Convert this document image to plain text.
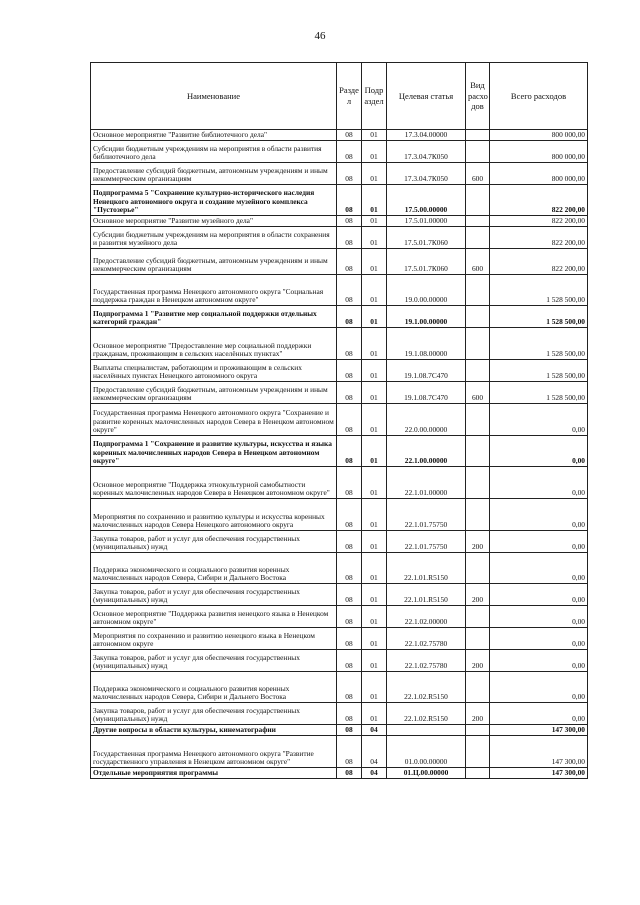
46
Наименование	Разде л	Подр аздел	Целевая статья	Вид расхо дов	Всего расходов
Основное мероприятие "Развитие библиотечного дела"	08	01	17.3.04.00000		800 000,00
Субсидии бюджетным учреждениям на мероприятия в области развития библиотечного дела	08	01	17.3.04.7К050		800 000,00
Предоставление субсидий бюджетным, автономным учреждениям и иным некоммерческим организациям	08	01	17.3.04.7К050	600	800 000,00
Подпрограмма 5 "Сохранение культурно-исторического наследия Ненецкого автономного округа и создание музейного комплекса "Пустозерье"	08	01	17.5.00.00000		822 200,00
Основное мероприятие "Развитие музейного дела"	08	01	17.5.01.00000		822 200,00
Субсидии бюджетным учреждениям на мероприятия в области сохранения и развития музейного дела	08	01	17.5.01.7К060		822 200,00
Предоставление субсидий бюджетным, автономным учреждениям и иным некоммерческим организациям	08	01	17.5.01.7К060	600	822 200,00
Государственная программа Ненецкого автономного округа "Социальная поддержка граждан в Ненецком автономном округе"	08	01	19.0.00.00000		1 528 500,00
Подпрограмма 1 "Развитие мер социальной поддержки отдельных категорий граждан"	08	01	19.1.00.00000		1 528 500,00
Основное мероприятие "Предоставление мер социальной поддержки гражданам, проживающим в сельских населённых пунктах"	08	01	19.1.08.00000		1 528 500,00
Выплаты специалистам, работающим и проживающим в сельских населённых пунктах Ненецкого автономного округа	08	01	19.1.08.7С470		1 528 500,00
Предоставление субсидий бюджетным, автономным учреждениям и иным некоммерческим организациям	08	01	19.1.08.7С470	600	1 528 500,00
Государственная программа Ненецкого автономного округа "Сохранение и развитие коренных малочисленных народов Севера в Ненецком автономном округе"	08	01	22.0.00.00000		0,00
Подпрограмма 1 "Сохранение и развитие культуры, искусства и языка коренных малочисленных народов Севера в Ненецком автономном округе"	08	01	22.1.00.00000		0,00
Основное мероприятие "Поддержка этнокультурной самобытности коренных малочисленных народов Севера в Ненецком автономном округе"	08	01	22.1.01.00000		0,00
Мероприятия по сохранению и развитию культуры и искусства коренных малочисленных народов Севера Ненецкого автономного округа	08	01	22.1.01.75750		0,00
Закупка товаров, работ и услуг для обеспечения государственных (муниципальных) нужд	08	01	22.1.01.75750	200	0,00
Поддержка экономического и социального развития коренных малочисленных народов Севера, Сибири и Дальнего Востока	08	01	22.1.01.R5150		0,00
Закупка товаров, работ и услуг для обеспечения государственных (муниципальных) нужд	08	01	22.1.01.R5150	200	0,00
Основное мероприятие "Поддержка развития ненецкого языка в Ненецком автономном округе"	08	01	22.1.02.00000		0,00
Мероприятия по сохранению и развитию ненецкого языка в Ненецком автономном округе	08	01	22.1.02.75780		0,00
Закупка товаров, работ и услуг для обеспечения государственных (муниципальных) нужд	08	01	22.1.02.75780	200	0,00
Поддержка экономического и социального развития коренных малочисленных народов Севера, Сибири и Дальнего Востока	08	01	22.1.02.R5150		0,00
Закупка товаров, работ и услуг для обеспечения государственных (муниципальных) нужд	08	01	22.1.02.R5150	200	0,00
Другие вопросы в области культуры, кинематографии	08	04			147 300,00
Государственная программа Ненецкого автономного округа "Развитие государственного управления в Ненецком автономном округе"	08	04	01.0.00.00000		147 300,00
Отдельные мероприятия программы	08	04	01.Ц.00.00000		147 300,00
